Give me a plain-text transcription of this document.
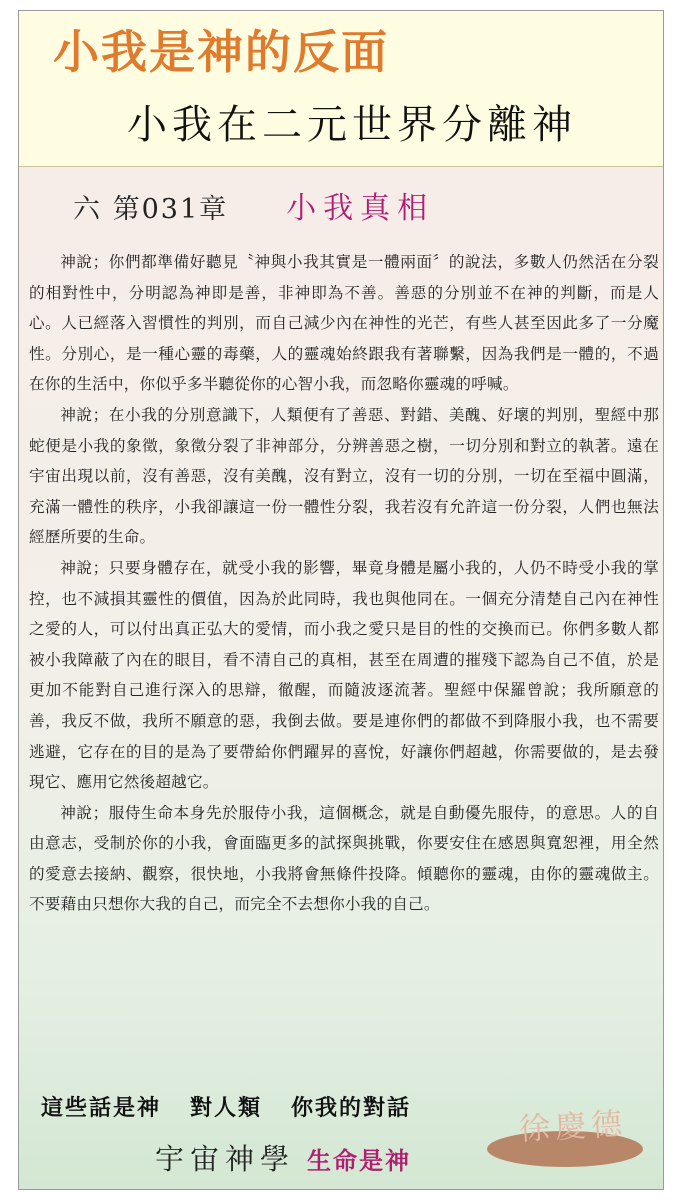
小我是神的反面
小我在二元世界分離神
六 第031章 小我真相

神說；你們都準備好聽見〝神與小我其實是一體兩面〞的說法，多數人仍然活在分裂的相對性中，分明認為神即是善，非神即為不善。善惡的分別並不在神的判斷，而是人心。人已經落入習慣性的判別，而自己減少內在神性的光芒，有些人甚至因此多了一分魔性。分別心，是一種心靈的毒藥，人的靈魂始終跟我有著聯繫，因為我們是一體的，不過在你的生活中，你似乎多半聽從你的心智小我，而忽略你靈魂的呼喊。

神說；在小我的分別意識下，人類便有了善惡、對錯、美醜、好壞的判別，聖經中那蛇便是小我的象徵，象徵分裂了非神部分，分辨善惡之樹，一切分別和對立的執著。遠在宇宙出現以前，沒有善惡，沒有美醜，沒有對立，沒有一切的分別，一切在至福中圓滿，充滿一體性的秩序，小我卻讓這一份一體性分裂，我若沒有允許這一份分裂，人們也無法經歷所要的生命。

神說；只要身體存在，就受小我的影響，畢竟身體是屬小我的，人仍不時受小我的掌控，也不減損其靈性的價值，因為於此同時，我也與他同在。一個充分清楚自己內在神性之愛的人，可以付出真正弘大的愛情，而小我之愛只是目的性的交換而已。你們多數人都被小我障蔽了內在的眼目，看不清自己的真相，甚至在周遭的摧殘下認為自己不值，於是更加不能對自己進行深入的思辯，徹醒，而隨波逐流著。聖經中保羅曾說；我所願意的善，我反不做，我所不願意的惡，我倒去做。要是連你們的都做不到降服小我，也不需要逃避，它存在的目的是為了要帶給你們躍昇的喜悅，好讓你們超越，你需要做的，是去發現它、應用它然後超越它。

神說；服侍生命本身先於服侍小我，這個概念，就是自動優先服侍，的意思。人的自由意志，受制於你的小我，會面臨更多的試探與挑戰，你要安住在感恩與寬恕裡，用全然的愛意去接納、觀察，很快地，小我將會無條件投降。傾聽你的靈魂，由你的靈魂做主。不要藉由只想你大我的自己，而完全不去想你小我的自己。

這些話是神   對人類   你我的對話
宇宙神學 生命是神
徐慶德
